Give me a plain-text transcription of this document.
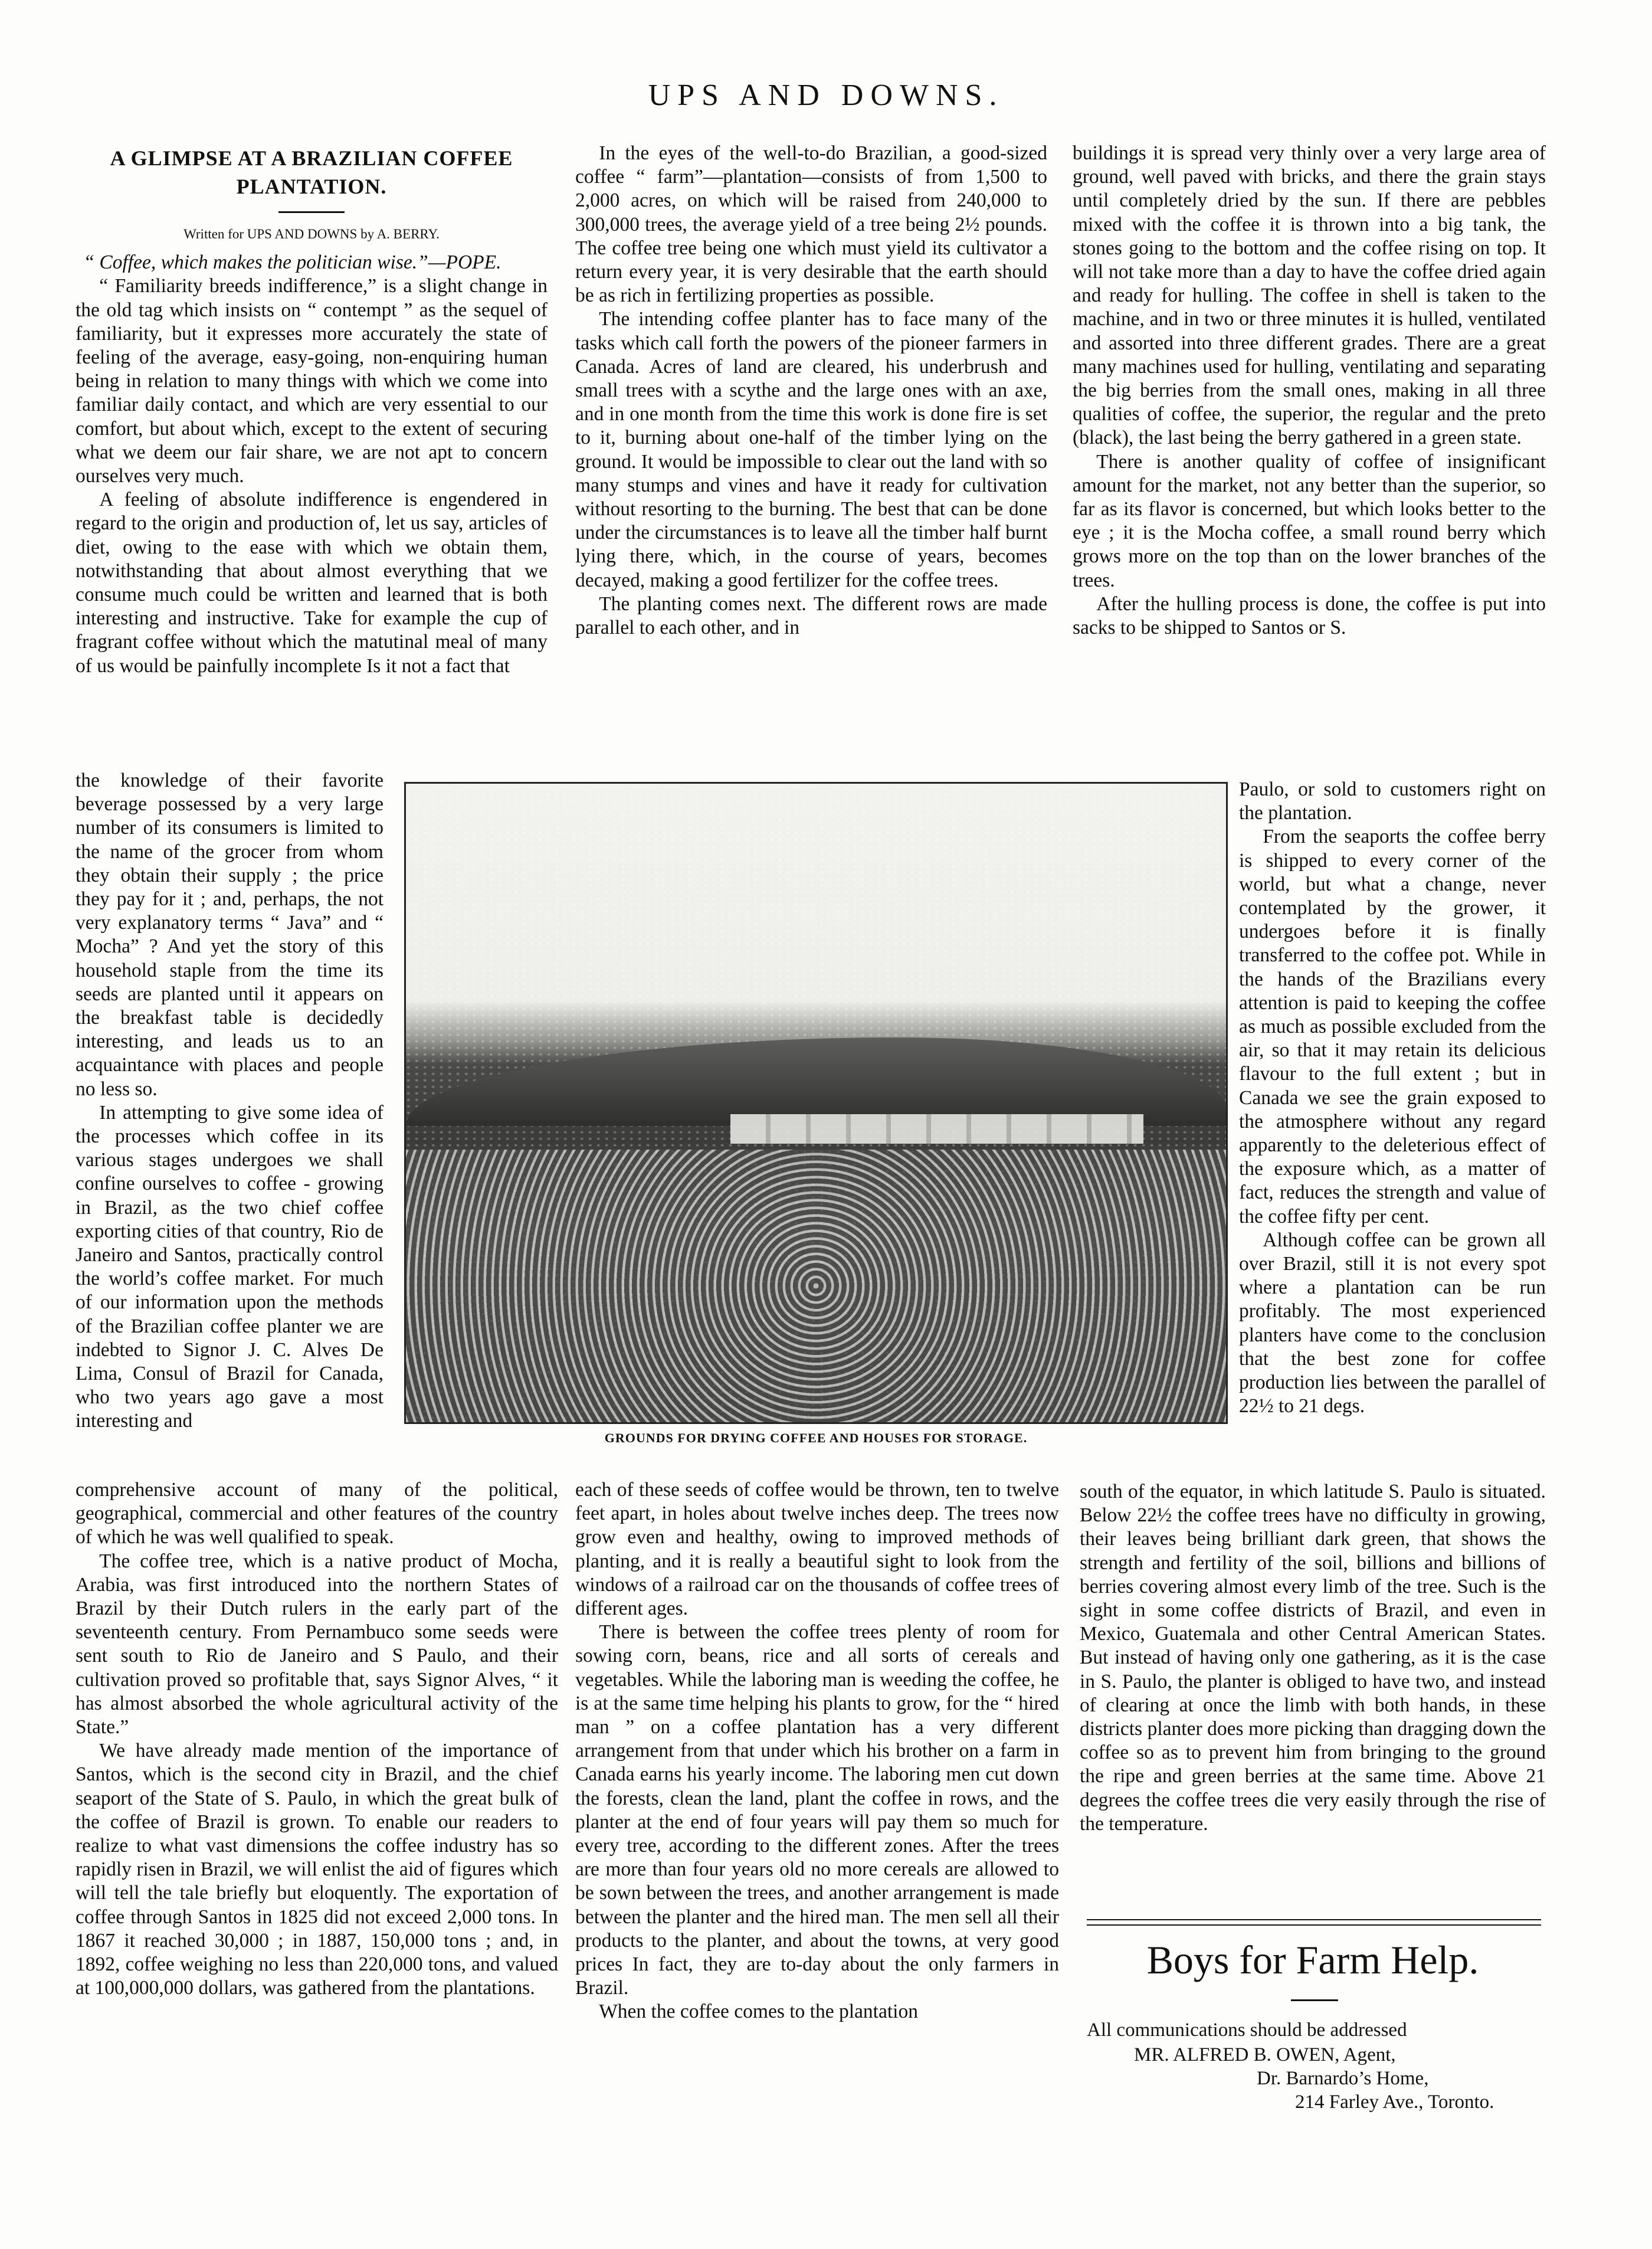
UPS AND DOWNS.
A GLIMPSE AT A BRAZILIAN COFFEE
PLANTATION.
Written for UPS AND DOWNS by A. BERRY.

“ Coffee, which makes the politician wise.”—POPE.

“ Familiarity breeds indifference,” is a slight change in the old tag which insists on “ contempt ” as the sequel of familiarity, but it expresses more accurately the state of feeling of the average, easy-going, non-enquiring human being in relation to many things with which we come into familiar daily contact, and which are very essential to our comfort, but about which, except to the extent of securing what we deem our fair share, we are not apt to concern ourselves very much.

A feeling of absolute indifference is engendered in regard to the origin and production of, let us say, articles of diet, owing to the ease with which we obtain them, notwithstanding that about almost everything that we consume much could be written and learned that is both interesting and instructive. Take for example the cup of fragrant coffee without which the matutinal meal of many of us would be painfully incomplete Is it not a fact that

the knowledge of their favorite beverage possessed by a very large number of its consumers is limited to the name of the grocer from whom they obtain their supply ; the price they pay for it ; and, perhaps, the not very explanatory terms “ Java” and “ Mocha” ? And yet the story of this household staple from the time its seeds are planted until it appears on the breakfast table is decidedly interesting, and leads us to an acquaintance with places and people no less so.

In attempting to give some idea of the processes which coffee in its various stages undergoes we shall confine ourselves to coffee - growing in Brazil, as the two chief coffee exporting cities of that country, Rio de Janeiro and Santos, practically control the world’s coffee market. For much of our information upon the methods of the Brazilian coffee planter we are indebted to Signor J. C. Alves De Lima, Consul of Brazil for Canada, who two years ago gave a most interesting and

In the eyes of the well-to-do Brazilian, a good-sized coffee “ farm”—plantation—consists of from 1,500 to 2,000 acres, on which will be raised from 240,000 to 300,000 trees, the average yield of a tree being 2½ pounds. The coffee tree being one which must yield its cultivator a return every year, it is very desirable that the earth should be as rich in fertilizing properties as possible.

The intending coffee planter has to face many of the tasks which call forth the powers of the pioneer farmers in Canada. Acres of land are cleared, his underbrush and small trees with a scythe and the large ones with an axe, and in one month from the time this work is done fire is set to it, burning about one-half of the timber lying on the ground. It would be impossible to clear out the land with so many stumps and vines and have it ready for cultivation without resorting to the burning. The best that can be done under the circumstances is to leave all the timber half burnt lying there, which, in the course of years, becomes decayed, making a good fertilizer for the coffee trees.

The planting comes next. The different rows are made parallel to each other, and in

buildings it is spread very thinly over a very large area of ground, well paved with bricks, and there the grain stays until completely dried by the sun. If there are pebbles mixed with the coffee it is thrown into a big tank, the stones going to the bottom and the coffee rising on top. It will not take more than a day to have the coffee dried again and ready for hulling. The coffee in shell is taken to the machine, and in two or three minutes it is hulled, ventilated and assorted into three different grades. There are a great many machines used for hulling, ventilating and separating the big berries from the small ones, making in all three qualities of coffee, the superior, the regular and the preto (black), the last being the berry gathered in a green state.

There is another quality of coffee of insignificant amount for the market, not any better than the superior, so far as its flavor is concerned, but which looks better to the eye ; it is the Mocha coffee, a small round berry which grows more on the top than on the lower branches of the trees.

After the hulling process is done, the coffee is put into sacks to be shipped to Santos or S.

Paulo, or sold to customers right on the plantation.

From the seaports the coffee berry is shipped to every corner of the world, but what a change, never contemplated by the grower, it undergoes before it is finally transferred to the coffee pot. While in the hands of the Brazilians every attention is paid to keeping the coffee as much as possible excluded from the air, so that it may retain its delicious flavour to the full extent ; but in Canada we see the grain exposed to the atmosphere without any regard apparently to the deleterious effect of the exposure which, as a matter of fact, reduces the strength and value of the coffee fifty per cent.

Although coffee can be grown all over Brazil, still it is not every spot where a plantation can be run profitably. The most experienced planters have come to the conclusion that the best zone for coffee production lies between the parallel of 22½ to 21 degs.

GROUNDS FOR DRYING COFFEE AND HOUSES FOR STORAGE.

comprehensive account of many of the political, geographical, commercial and other features of the country of which he was well qualified to speak.

The coffee tree, which is a native product of Mocha, Arabia, was first introduced into the northern States of Brazil by their Dutch rulers in the early part of the seventeenth century. From Pernambuco some seeds were sent south to Rio de Janeiro and S Paulo, and their cultivation proved so profitable that, says Signor Alves, “ it has almost absorbed the whole agricultural activity of the State.”

We have already made mention of the importance of Santos, which is the second city in Brazil, and the chief seaport of the State of S. Paulo, in which the great bulk of the coffee of Brazil is grown. To enable our readers to realize to what vast dimensions the coffee industry has so rapidly risen in Brazil, we will enlist the aid of figures which will tell the tale briefly but eloquently. The exportation of coffee through Santos in 1825 did not exceed 2,000 tons. In 1867 it reached 30,000 ; in 1887, 150,000 tons ; and, in 1892, coffee weighing no less than 220,000 tons, and valued at 100,000,000 dollars, was gathered from the plantations.

each of these seeds of coffee would be thrown, ten to twelve feet apart, in holes about twelve inches deep. The trees now grow even and healthy, owing to improved methods of planting, and it is really a beautiful sight to look from the windows of a railroad car on the thousands of coffee trees of different ages.

There is between the coffee trees plenty of room for sowing corn, beans, rice and all sorts of cereals and vegetables. While the laboring man is weeding the coffee, he is at the same time helping his plants to grow, for the “ hired man ” on a coffee plantation has a very different arrangement from that under which his brother on a farm in Canada earns his yearly income. The laboring men cut down the forests, clean the land, plant the coffee in rows, and the planter at the end of four years will pay them so much for every tree, according to the different zones. After the trees are more than four years old no more cereals are allowed to be sown between the trees, and another arrangement is made between the planter and the hired man. The men sell all their products to the planter, and about the towns, at very good prices In fact, they are to-day about the only farmers in Brazil.

When the coffee comes to the plantation

south of the equator, in which latitude S. Paulo is situated. Below 22½ the coffee trees have no difficulty in growing, their leaves being brilliant dark green, that shows the strength and fertility of the soil, billions and billions of berries covering almost every limb of the tree. Such is the sight in some coffee districts of Brazil, and even in Mexico, Guatemala and other Central American States. But instead of having only one gathering, as it is the case in S. Paulo, the planter is obliged to have two, and instead of clearing at once the limb with both hands, in these districts planter does more picking than dragging down the coffee so as to prevent him from bringing to the ground the ripe and green berries at the same time. Above 21 degrees the coffee trees die very easily through the rise of the temperature.

Boys for Farm Help.
All communications should be addressed
MR. ALFRED B. OWEN, Agent,
Dr. Barnardo’s Home,
214 Farley Ave., Toronto.
